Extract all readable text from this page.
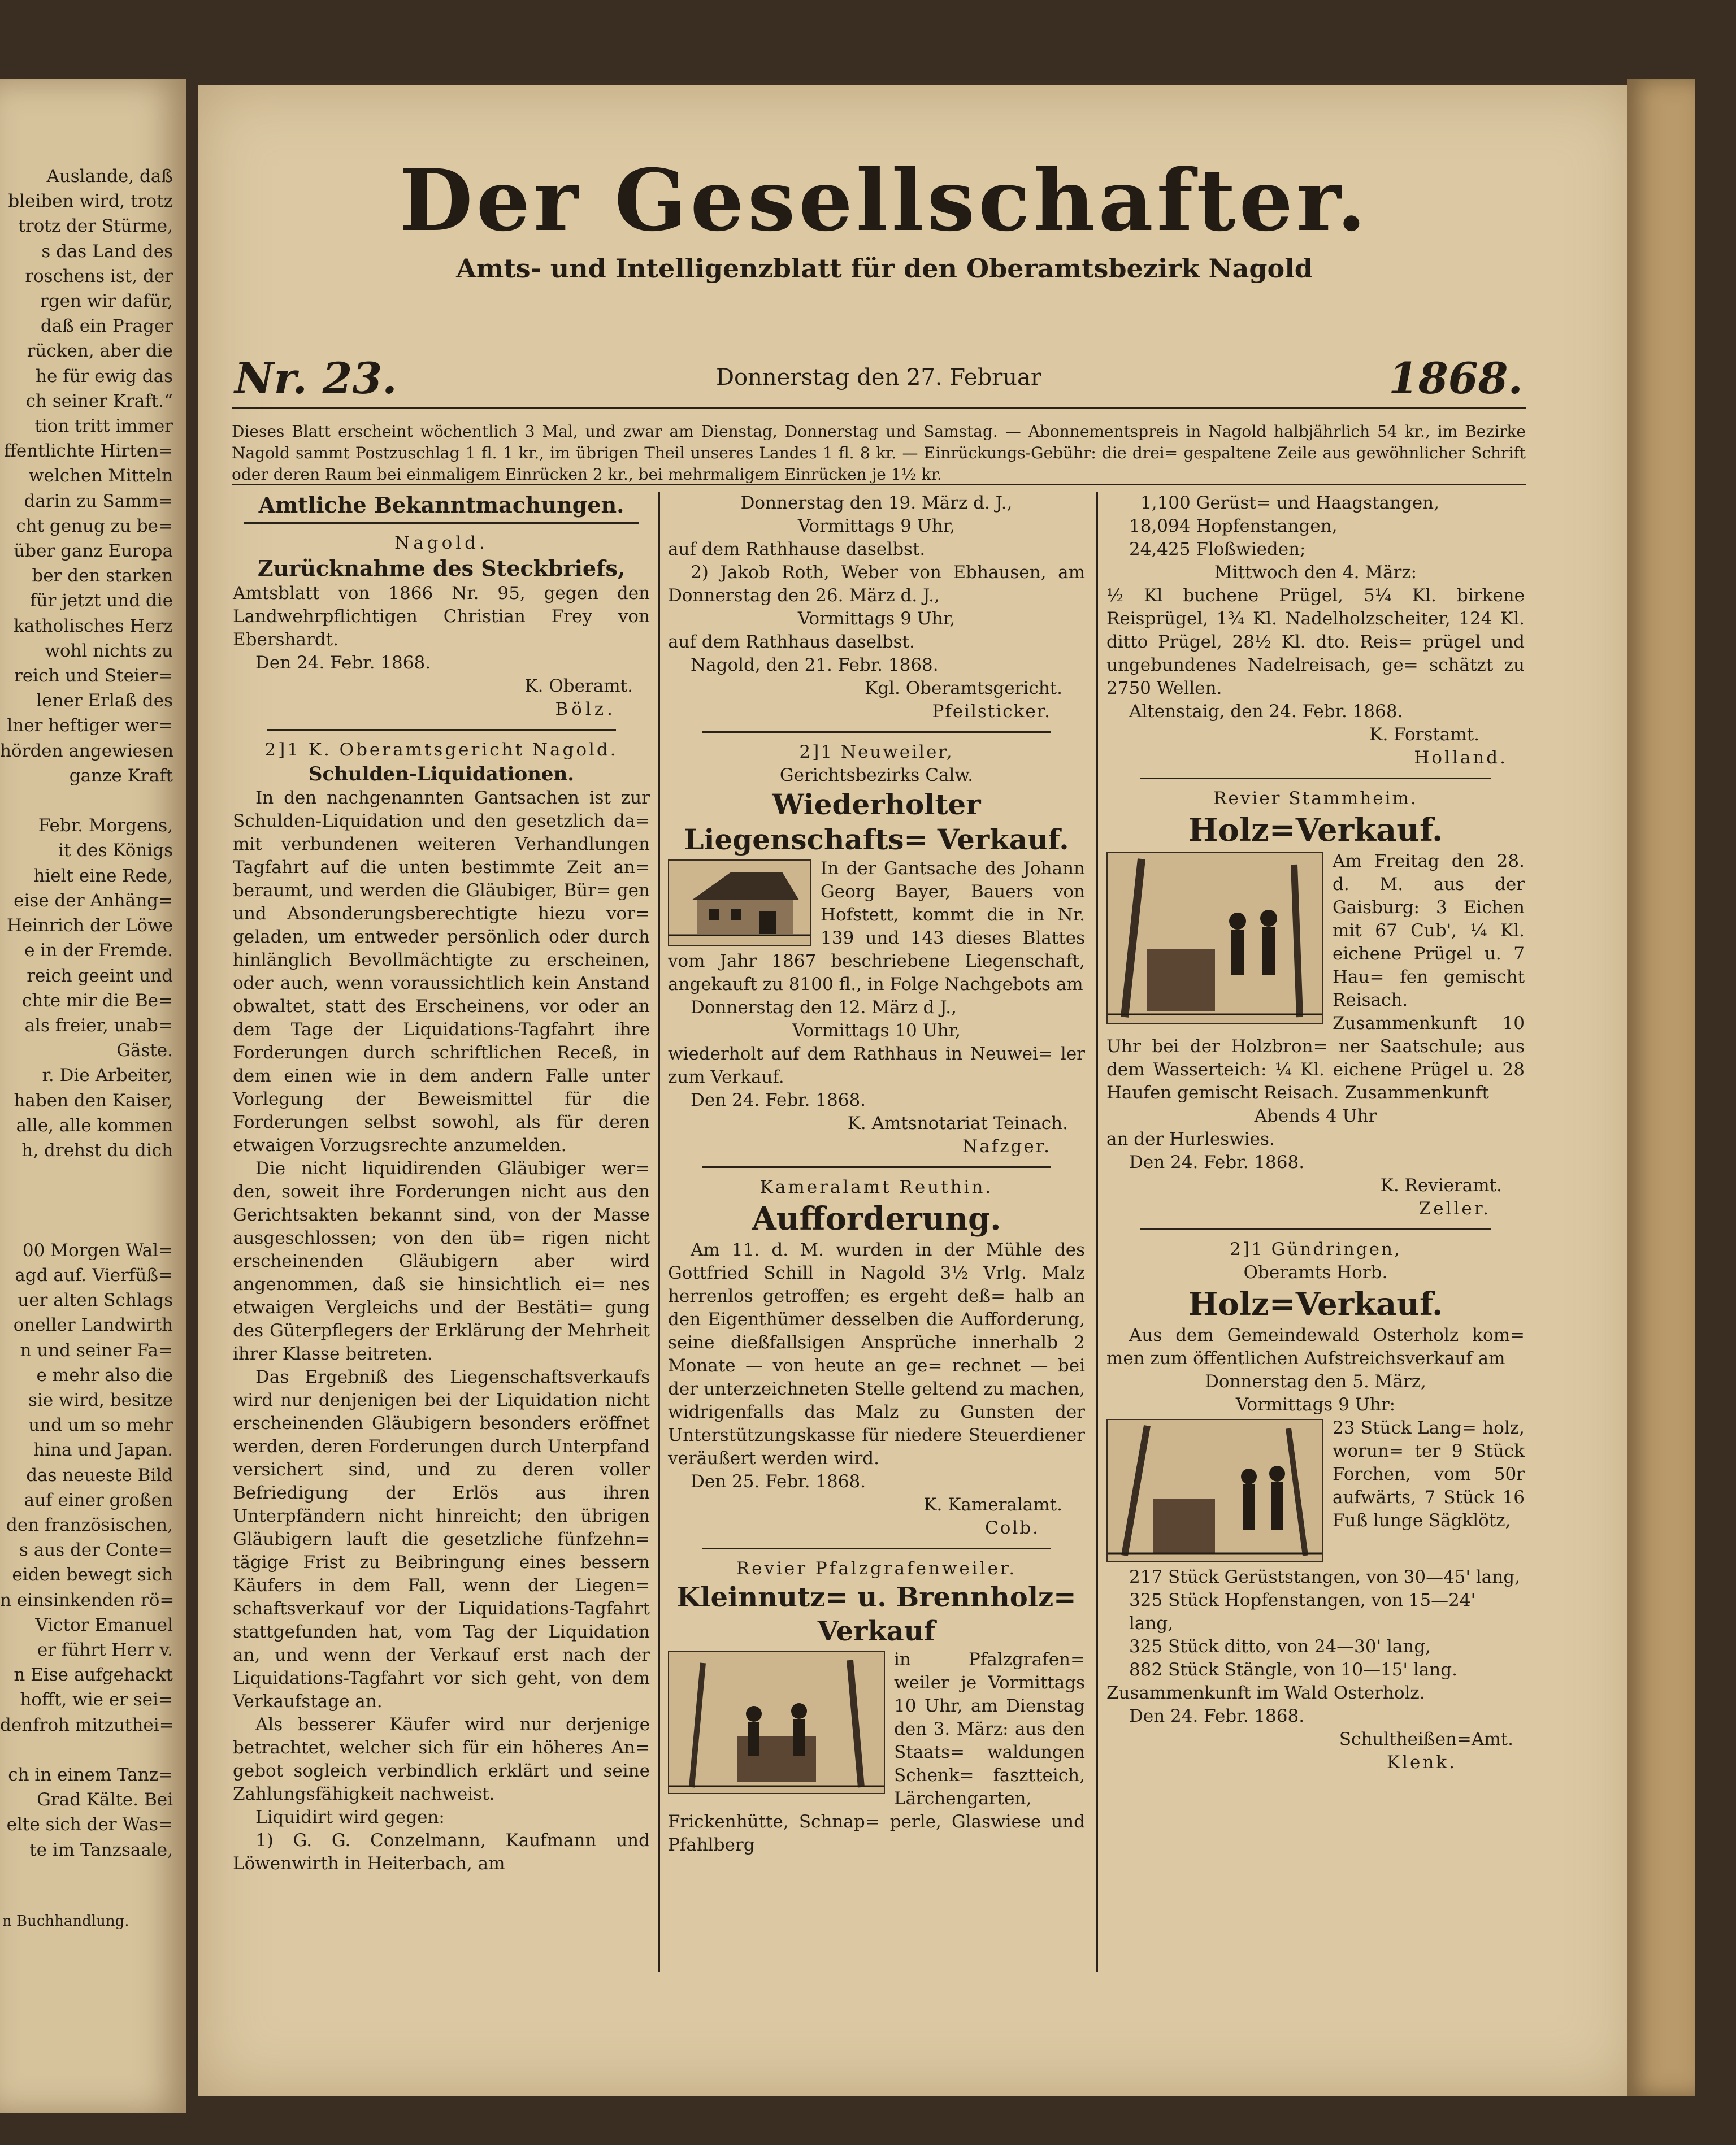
Auslande, daß
bleiben wird, trotz
trotz der Stürme,
s das Land des
roschens ist, der
rgen wir dafür,
daß ein Prager
rücken, aber die
he für ewig das
ch seiner Kraft.“
tion tritt immer
ffentlichte Hirten=
welchen Mitteln
darin zu Samm=
cht genug zu be=
über ganz Europa
ber den starken
für jetzt und die
katholisches Herz
wohl nichts zu
reich und Steier=
lener Erlaß des
lner heftiger wer=
hörden angewiesen
ganze Kraft

Febr. Morgens,
it des Königs
hielt eine Rede,
eise der Anhäng=
Heinrich der Löwe
e in der Fremde.
reich geeint und
chte mir die Be=
als freier, unab=
Gäste.
r. Die Arbeiter,
haben den Kaiser,
alle, alle kommen
h, drehst du dich

00 Morgen Wal=
agd auf. Vierfüß=
uer alten Schlags
oneller Landwirth
n und seiner Fa=
e mehr also die
sie wird, besitze
und um so mehr
hina und Japan.
das neueste Bild
auf einer großen
den französischen,
s aus der Conte=
eiden bewegt sich
n einsinkenden rö=
Victor Emanuel
er führt Herr v.
n Eise aufgehackt
hofft, wie er sei=
denfroh mitzuthei=

ch in einem Tanz=
Grad Kälte. Bei
elte sich der Was=
te im Tanzsaale,
n Buchhandlung.
Der Gesellschafter.
Amts- und Intelligenzblatt für den Oberamtsbezirk Nagold
Nr. 23.	Donnerstag den 27. Februar	1868.
Dieses Blatt erscheint wöchentlich 3 Mal, und zwar am Dienstag, Donnerstag und Samstag. — Abonnementspreis in Nagold halbjährlich 54 kr., im Bezirke Nagold sammt Postzuschlag 1 fl. 1 kr., im übrigen Theil unseres Landes 1 fl. 8 kr. — Einrückungs-Gebühr: die drei= gespaltene Zeile aus gewöhnlicher Schrift oder deren Raum bei einmaligem Einrücken 2 kr., bei mehrmaligem Einrücken je 1½ kr.
Amtliche Bekanntmachungen.
Nagold.
Zurücknahme des Steckbriefs,
Amtsblatt von 1866 Nr. 95, gegen den Landwehrpflichtigen Christian Frey von Ebershardt.
Den 24. Febr. 1868.
K. Oberamt.
Bölz.
2]1 K. Oberamtsgericht Nagold.
Schulden-Liquidationen.
In den nachgenannten Gantsachen ist zur Schulden-Liquidation und den gesetzlich da= mit verbundenen weiteren Verhandlungen Tagfahrt auf die unten bestimmte Zeit an= beraumt, und werden die Gläubiger, Bür= gen und Absonderungsberechtigte hiezu vor= geladen, um entweder persönlich oder durch hinlänglich Bevollmächtigte zu erscheinen, oder auch, wenn voraussichtlich kein Anstand obwaltet, statt des Erscheinens, vor oder an dem Tage der Liquidations-Tagfahrt ihre Forderungen durch schriftlichen Receß, in dem einen wie in dem andern Falle unter Vorlegung der Beweismittel für die Forderungen selbst sowohl, als für deren etwaigen Vorzugsrechte anzumelden.
Die nicht liquidirenden Gläubiger wer= den, soweit ihre Forderungen nicht aus den Gerichtsakten bekannt sind, von der Masse ausgeschlossen; von den üb= rigen nicht erscheinenden Gläubigern aber wird angenommen, daß sie hinsichtlich ei= nes etwaigen Vergleichs und der Bestäti= gung des Güterpflegers der Erklärung der Mehrheit ihrer Klasse beitreten.
Das Ergebniß des Liegenschaftsverkaufs wird nur denjenigen bei der Liquidation nicht erscheinenden Gläubigern besonders eröffnet werden, deren Forderungen durch Unterpfand versichert sind, und zu deren voller Befriedigung der Erlös aus ihren Unterpfändern nicht hinreicht; den übrigen Gläubigern lauft die gesetzliche fünfzehn= tägige Frist zu Beibringung eines bessern Käufers in dem Fall, wenn der Liegen= schaftsverkauf vor der Liquidations-Tagfahrt stattgefunden hat, vom Tag der Liquidation an, und wenn der Verkauf erst nach der Liquidations-Tagfahrt vor sich geht, von dem Verkaufstage an.
Als besserer Käufer wird nur derjenige betrachtet, welcher sich für ein höheres An= gebot sogleich verbindlich erklärt und seine Zahlungsfähigkeit nachweist.
Liquidirt wird gegen:
1) G. G. Conzelmann, Kaufmann und Löwenwirth in Heiterbach, am
Donnerstag den 19. März d. J.,
Vormittags 9 Uhr,
auf dem Rathhause daselbst.
2) Jakob Roth, Weber von Ebhausen, am Donnerstag den 26. März d. J.,
Vormittags 9 Uhr,
auf dem Rathhaus daselbst.
Nagold, den 21. Febr. 1868.
Kgl. Oberamtsgericht.
Pfeilsticker.
2]1 Neuweiler,
Gerichtsbezirks Calw.
Wiederholter Liegenschafts= Verkauf.
In der Gantsache des Johann Georg Bayer, Bauers von Hofstett, kommt die in Nr. 139 und 143 dieses Blattes vom Jahr 1867 beschriebene Liegenschaft, angekauft zu 8100 fl., in Folge Nachgebots am
Donnerstag den 12. März d J.,
Vormittags 10 Uhr,
wiederholt auf dem Rathhaus in Neuwei= ler zum Verkauf.
Den 24. Febr. 1868.
K. Amtsnotariat Teinach.
Nafzger.
Kameralamt Reuthin.
Aufforderung.
Am 11. d. M. wurden in der Mühle des Gottfried Schill in Nagold 3½ Vrlg. Malz herrenlos getroffen; es ergeht deß= halb an den Eigenthümer desselben die Aufforderung, seine dießfallsigen Ansprüche innerhalb 2 Monate — von heute an ge= rechnet — bei der unterzeichneten Stelle geltend zu machen, widrigenfalls das Malz zu Gunsten der Unterstützungskasse für niedere Steuerdiener veräußert werden wird.
Den 25. Febr. 1868.
K. Kameralamt.
Colb.
Revier Pfalzgrafenweiler.
Kleinnutz= u. Brennholz= Verkauf
in Pfalzgrafen= weiler je Vormittags 10 Uhr, am Dienstag den 3. März: aus den Staats= waldungen Schenk= fasztteich, Lärchengarten, Frickenhütte, Schnap= perle, Glaswiese und Pfahlberg
1,100 Gerüst= und Haagstangen,
18,094 Hopfenstangen,
24,425 Floßwieden;
Mittwoch den 4. März:
½ Kl buchene Prügel, 5¼ Kl. birkene Reisprügel, 1¾ Kl. Nadelholzscheiter, 124 Kl. ditto Prügel, 28½ Kl. dto. Reis= prügel und ungebundenes Nadelreisach, ge= schätzt zu 2750 Wellen.
Altenstaig, den 24. Febr. 1868.
K. Forstamt.
Holland.
Revier Stammheim.
Holz=Verkauf.
Am Freitag den 28. d. M. aus der Gaisburg: 3 Eichen mit 67 Cub', ¼ Kl. eichene Prügel u. 7 Hau= fen gemischt Reisach. Zusammenkunft 10 Uhr bei der Holzbron= ner Saatschule; aus dem Wasserteich: ¼ Kl. eichene Prügel u. 28 Haufen gemischt Reisach. Zusammenkunft
Abends 4 Uhr
an der Hurleswies.
Den 24. Febr. 1868.
K. Revieramt.
Zeller.
2]1 Gündringen,
Oberamts Horb.
Holz=Verkauf.
Aus dem Gemeindewald Osterholz kom= men zum öffentlichen Aufstreichsverkauf am
Donnerstag den 5. März,
Vormittags 9 Uhr:
23 Stück Lang= holz, worun= ter 9 Stück Forchen, vom 50r aufwärts, 7 Stück 16 Fuß lunge Sägklötz,
217 Stück Gerüststangen, von 30—45' lang,
325 Stück Hopfenstangen, von 15—24' lang,
325 Stück ditto, von 24—30' lang,
882 Stück Stängle, von 10—15' lang.
Zusammenkunft im Wald Osterholz.
Den 24. Febr. 1868.
Schultheißen=Amt.
Klenk.
